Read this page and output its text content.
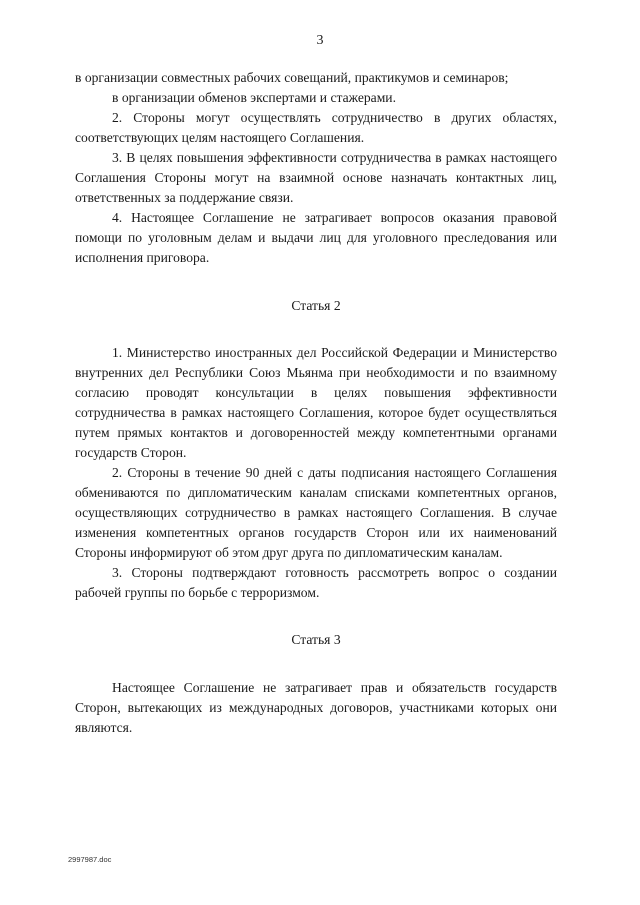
3

в организации совместных рабочих совещаний, практикумов и семинаров;

в организации обменов экспертами и стажерами.

2. Стороны могут осуществлять сотрудничество в других областях, соответствующих целям настоящего Соглашения.

3. В целях повышения эффективности сотрудничества в рамках настоящего Соглашения Стороны могут на взаимной основе назначать контактных лиц, ответственных за поддержание связи.

4. Настоящее Соглашение не затрагивает вопросов оказания правовой помощи по уголовным делам и выдачи лиц для уголовного преследования или исполнения приговора.

Статья 2

1. Министерство иностранных дел Российской Федерации и Министерство внутренних дел Республики Союз Мьянма при необходимости и по взаимному согласию проводят консультации в целях повышения эффективности сотрудничества в рамках настоящего Соглашения, которое будет осуществляться путем прямых контактов и договоренностей между компетентными органами государств Сторон.

2. Стороны в течение 90 дней с даты подписания настоящего Соглашения обмениваются по дипломатическим каналам списками компетентных органов, осуществляющих сотрудничество в рамках настоящего Соглашения. В случае изменения компетентных органов государств Сторон или их наименований Стороны информируют об этом друг друга по дипломатическим каналам.

3. Стороны подтверждают готовность рассмотреть вопрос о создании рабочей группы по борьбе с терроризмом.

Статья 3

Настоящее Соглашение не затрагивает прав и обязательств государств Сторон, вытекающих из международных договоров, участниками которых они являются.

2997987.doc
